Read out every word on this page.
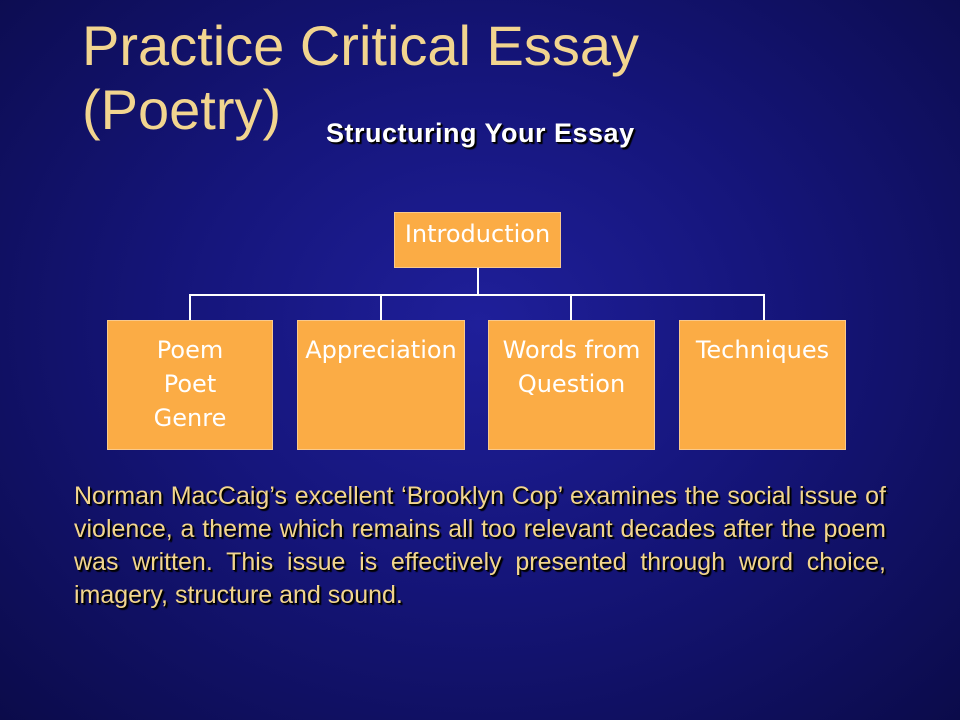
Practice Critical Essay
(Poetry)	Structuring Your Essay
Introduction
Poem
Poet
Genre
Appreciation	Words from
Question
Techniques

Norman MacCaig’s excellent ‘Brooklyn Cop’ examines the social issue of violence, a theme which remains all too relevant decades after the poem was written. This issue is effectively presented through word choice, imagery, structure and sound.
